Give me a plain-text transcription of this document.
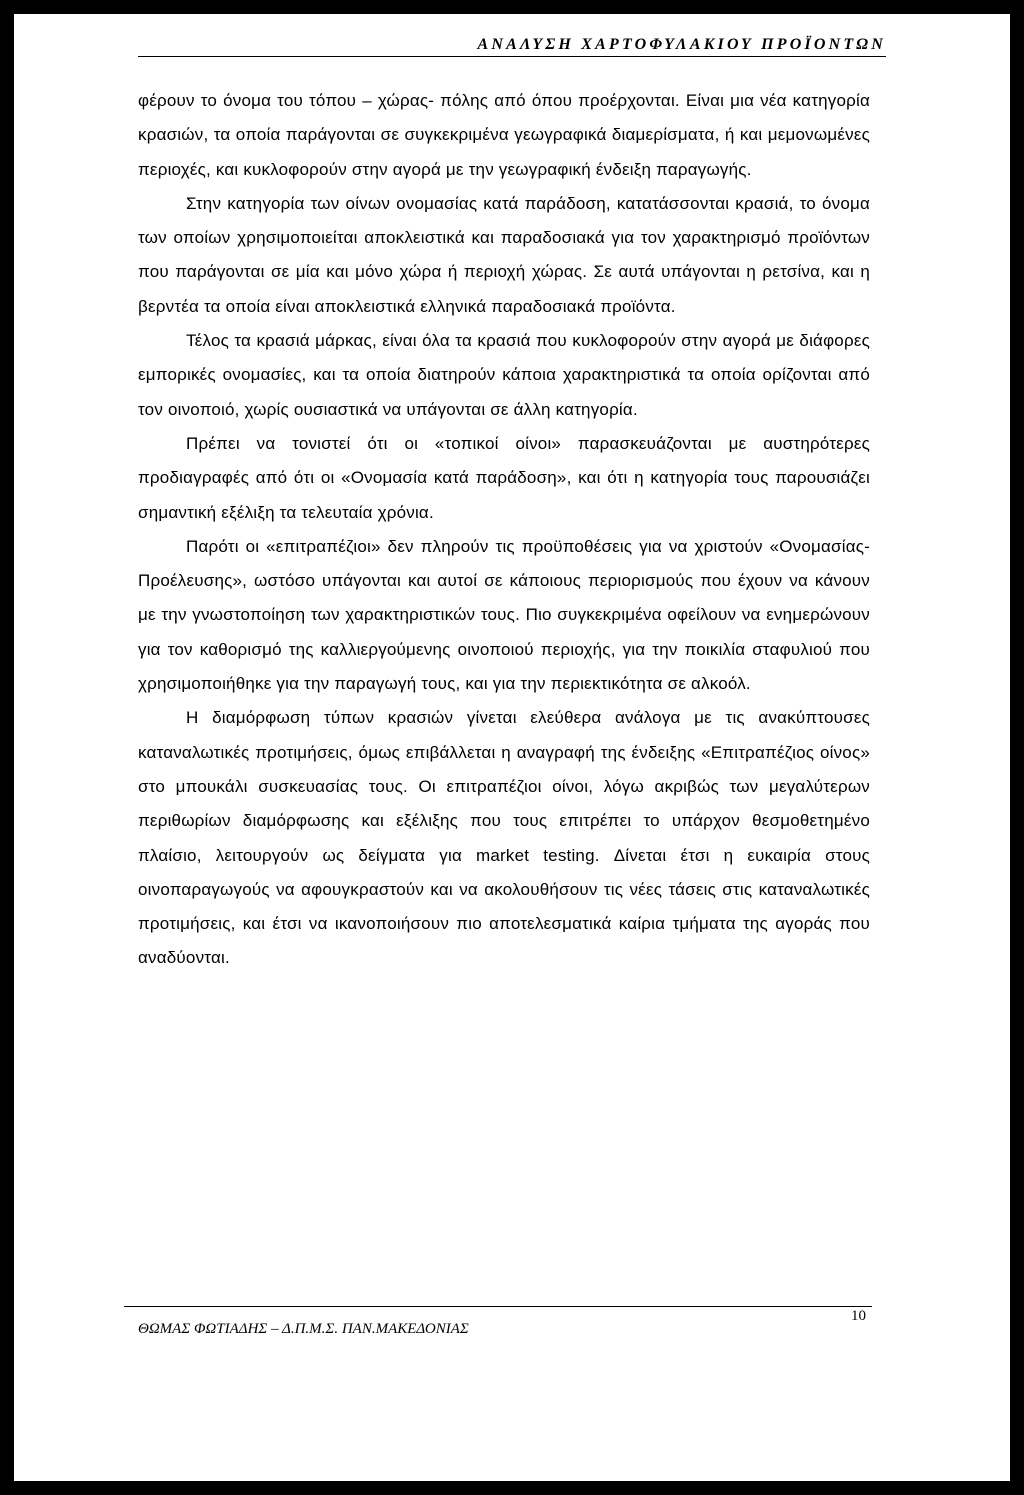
ΑΝΑΛΥΣΗ ΧΑΡΤΟΦΥΛΑΚΙΟΥ ΠΡΟΪΟΝΤΩΝ

φέρουν το όνομα του τόπου – χώρας- πόλης από όπου προέρχονται. Είναι μια νέα κατηγορία κρασιών, τα οποία παράγονται σε συγκεκριμένα γεωγραφικά διαμερίσματα, ή και μεμονωμένες περιοχές, και κυκλοφορούν στην αγορά με την γεωγραφική ένδειξη παραγωγής.

Στην κατηγορία των οίνων ονομασίας κατά παράδοση, κατατάσσονται κρασιά, το όνομα των οποίων χρησιμοποιείται αποκλειστικά και παραδοσιακά για τον χαρακτηρισμό προϊόντων που παράγονται σε μία και μόνο χώρα ή περιοχή χώρας. Σε αυτά υπάγονται η ρετσίνα, και η βερντέα τα οποία είναι αποκλειστικά ελληνικά παραδοσιακά προϊόντα.

Τέλος τα κρασιά μάρκας, είναι όλα τα κρασιά που κυκλοφορούν στην αγορά με διάφορες εμπορικές ονομασίες, και τα οποία διατηρούν κάποια χαρακτηριστικά τα οποία ορίζονται από τον οινοποιό, χωρίς ουσιαστικά να υπάγονται σε άλλη κατηγορία.

Πρέπει να τονιστεί ότι οι «τοπικοί οίνοι» παρασκευάζονται με αυστηρότερες προδιαγραφές από ότι οι «Ονομασία κατά παράδοση», και ότι η κατηγορία τους παρουσιάζει σημαντική εξέλιξη τα τελευταία χρόνια.

Παρότι οι «επιτραπέζιοι» δεν πληρούν τις προϋποθέσεις για να χριστούν «Ονομασίας- Προέλευσης», ωστόσο υπάγονται και αυτοί σε κάποιους περιορισμούς που έχουν να κάνουν με την γνωστοποίηση των χαρακτηριστικών τους. Πιο συγκεκριμένα οφείλουν να ενημερώνουν για τον καθορισμό της καλλιεργούμενης οινοποιού περιοχής, για την ποικιλία σταφυλιού που χρησιμοποιήθηκε για την παραγωγή τους, και για την περιεκτικότητα σε αλκοόλ.

Η διαμόρφωση τύπων κρασιών γίνεται ελεύθερα ανάλογα με τις ανακύπτουσες καταναλωτικές προτιμήσεις, όμως επιβάλλεται η αναγραφή της ένδειξης «Επιτραπέζιος οίνος» στο μπουκάλι συσκευασίας τους. Οι επιτραπέζιοι οίνοι, λόγω ακριβώς των μεγαλύτερων περιθωρίων διαμόρφωσης και εξέλιξης που τους επιτρέπει το υπάρχον θεσμοθετημένο πλαίσιο, λειτουργούν ως δείγματα για market testing. Δίνεται έτσι η ευκαιρία στους οινοπαραγωγούς να αφουγκραστούν και να ακολουθήσουν τις νέες τάσεις στις καταναλωτικές προτιμήσεις, και έτσι να ικανοποιήσουν πιο αποτελεσματικά καίρια τμήματα της αγοράς που αναδύονται.

ΘΩΜΑΣ ΦΩΤΙΑΔΗΣ – Δ.Π.Μ.Σ. ΠΑΝ.ΜΑΚΕΔΟΝΙΑΣ
10
